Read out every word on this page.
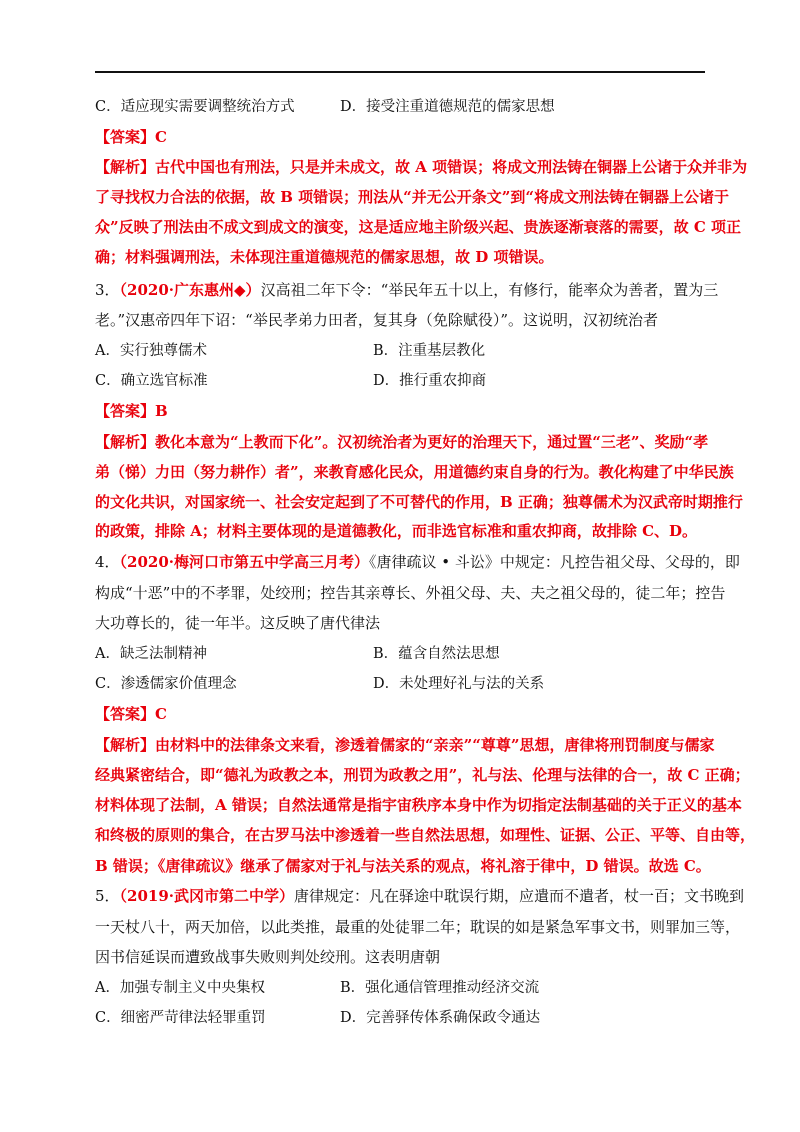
C．适应现实需要调整统治方式	D．接受注重道德规范的儒家思想
【答案】C
【解析】古代中国也有刑法，只是并未成文，故 A 项错误；将成文刑法铸在铜器上公诸于众并非为
了寻找权力合法的依据，故 B 项错误；刑法从“并无公开条文”到“将成文刑法铸在铜器上公诸于
众”反映了刑法由不成文到成文的演变，这是适应地主阶级兴起、贵族逐渐衰落的需要，故 C 项正
确；材料强调刑法，未体现注重道德规范的儒家思想，故 D 项错误。
3．（2020·广东惠州◆）汉高祖二年下令：“举民年五十以上，有修行，能率众为善者，置为三
老。”汉惠帝四年下诏：“举民孝弟力田者，复其身（免除赋役）”。这说明，汉初统治者
A．实行独尊儒术	B．注重基层教化
C．确立选官标准	D．推行重农抑商
【答案】B
【解析】教化本意为“上教而下化”。汉初统治者为更好的治理天下，通过置“三老”、奖励“孝
弟（悌）力田（努力耕作）者”，来教育感化民众，用道德约束自身的行为。教化构建了中华民族
的文化共识，对国家统一、社会安定起到了不可替代的作用，B 正确；独尊儒术为汉武帝时期推行
的政策，排除 A；材料主要体现的是道德教化，而非选官标准和重农抑商，故排除 C、D。
4．（2020·梅河口市第五中学高三月考）《唐律疏议 • 斗讼》中规定：凡控告祖父母、父母的，即
构成“十恶”中的不孝罪，处绞刑；控告其亲尊长、外祖父母、夫、夫之祖父母的，徒二年；控告
大功尊长的，徒一年半。这反映了唐代律法
A．缺乏法制精神	B．蕴含自然法思想
C．渗透儒家价值理念	D．未处理好礼与法的关系
【答案】C
【解析】由材料中的法律条文来看，渗透着儒家的“亲亲”“尊尊”思想，唐律将刑罚制度与儒家
经典紧密结合，即“德礼为政教之本，刑罚为政教之用”，礼与法、伦理与法律的合一，故 C 正确；
材料体现了法制，A 错误；自然法通常是指宇宙秩序本身中作为切指定法制基础的关于正义的基本
和终极的原则的集合，在古罗马法中渗透着一些自然法思想，如理性、证据、公正、平等、自由等，
B 错误；《唐律疏议》继承了儒家对于礼与法关系的观点，将礼溶于律中，D 错误。故选 C。
5．（2019·武冈市第二中学）唐律规定：凡在驿途中耽误行期，应遣而不遣者，杖一百；文书晚到
一天杖八十，两天加倍，以此类推，最重的处徒罪二年；耽误的如是紧急军事文书，则罪加三等，
因书信延误而遭致战事失败则判处绞刑。这表明唐朝
A．加强专制主义中央集权	B．强化通信管理推动经济交流
C．细密严苛律法轻罪重罚	D．完善驿传体系确保政令通达
